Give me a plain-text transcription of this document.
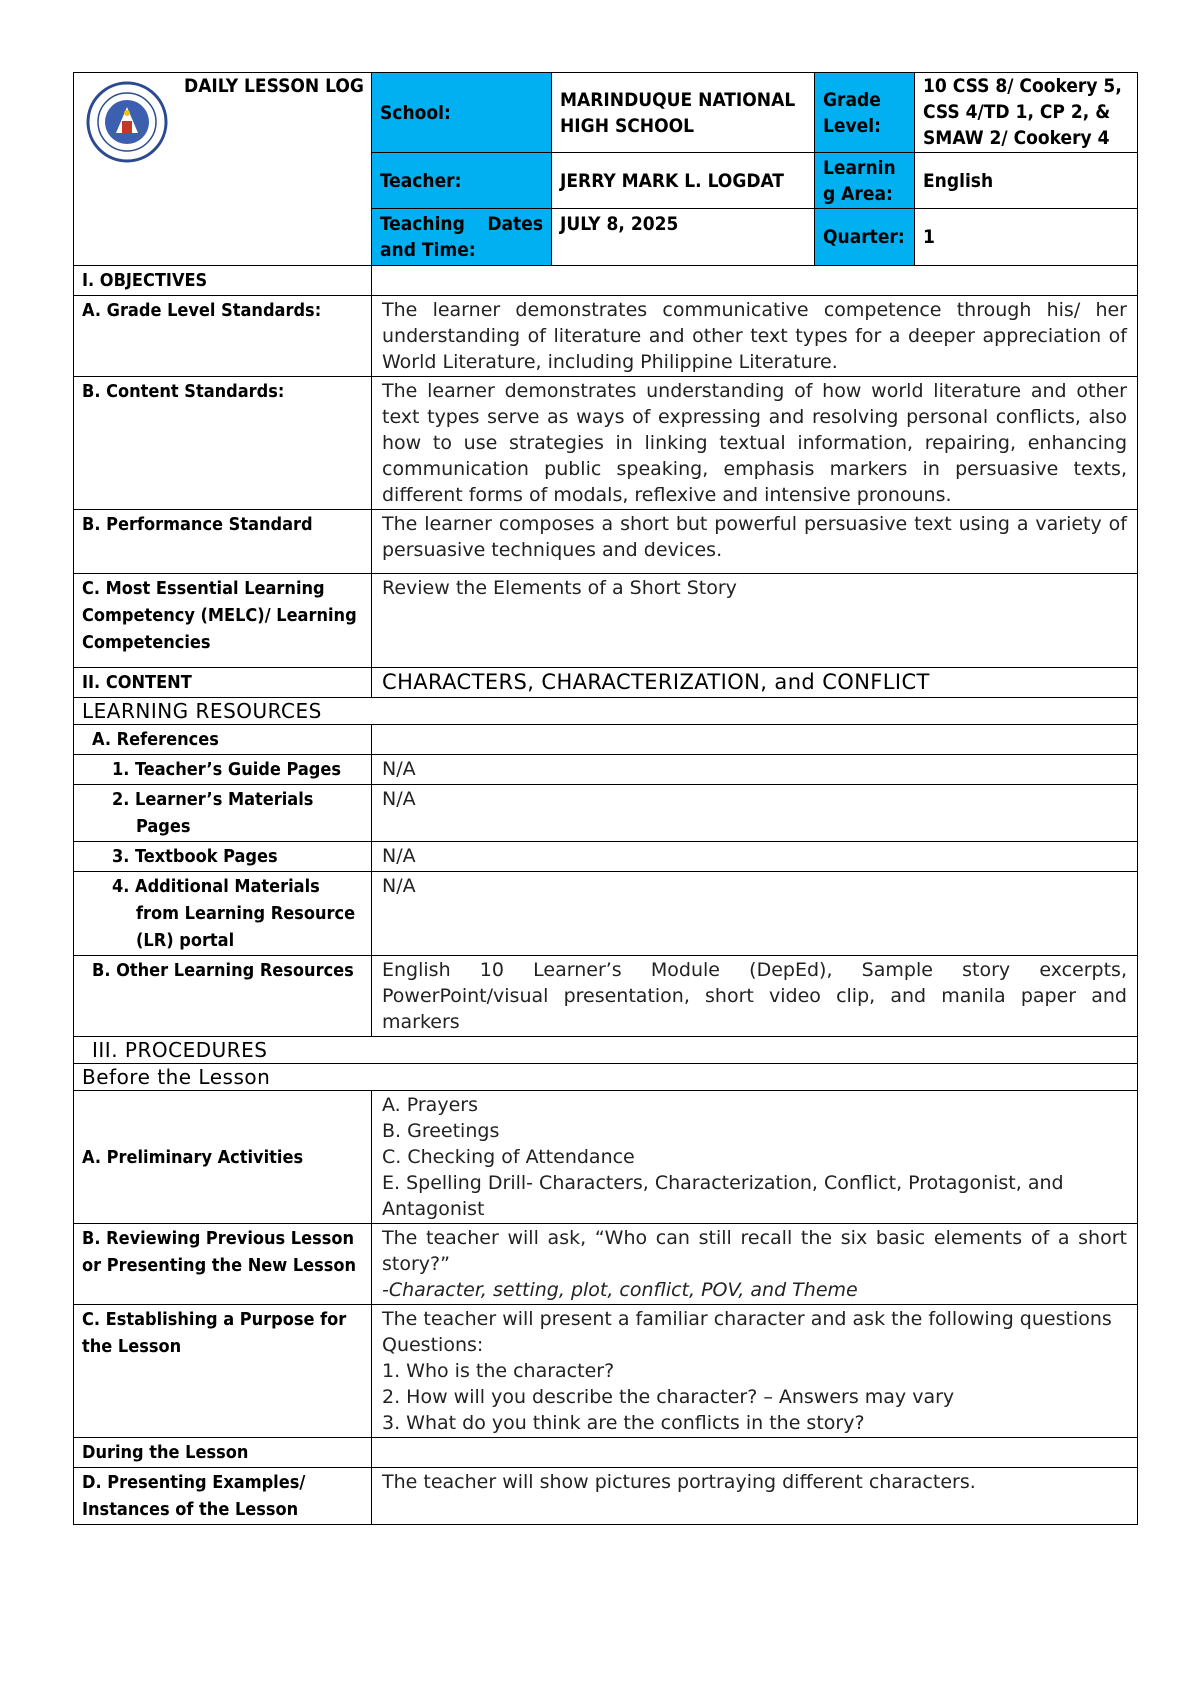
DAILY LESSON LOG	School:	MARINDUQUE NATIONAL HIGH SCHOOL	Grade Level:	10 CSS 8/ Cookery 5, CSS 4/TD 1, CP 2, & SMAW 2/ Cookery 4
	Teacher:	JERRY MARK L. LOGDAT	Learnin g Area:	English
	Teaching Dates and Time:	JULY 8, 2025	Quarter:	1
I. OBJECTIVES				
A. Grade Level Standards:	The learner demonstrates communicative competence through his/ her understanding of literature and other text types for a deeper appreciation of World Literature, including Philippine Literature.			
B. Content Standards:	The learner demonstrates understanding of how world literature and other text types serve as ways of expressing and resolving personal conflicts, also how to use strategies in linking textual information, repairing, enhancing communication public speaking, emphasis markers in persuasive texts, different forms of modals, reflexive and intensive pronouns.			
B. Performance Standard	The learner composes a short but powerful persuasive text using a variety of persuasive techniques and devices.			
C. Most Essential Learning Competency (MELC)/ Learning Competencies	Review the Elements of a Short Story			
II. CONTENT	CHARACTERS, CHARACTERIZATION, and CONFLICT			
LEARNING RESOURCES				
A. References				
1. Teacher’s Guide Pages	N/A			
2. Learner’s Materials Pages	N/A			
3. Textbook Pages	N/A			
4. Additional Materials from Learning Resource (LR) portal	N/A			
B. Other Learning Resources	English 10 Learner’s Module (DepEd), Sample story excerpts, PowerPoint/visual presentation, short video clip, and manila paper and markers			
III. PROCEDURES				
Before the Lesson				
A. Preliminary Activities	A. Prayers
B. Greetings
C. Checking of Attendance
E. Spelling Drill- Characters, Characterization, Conflict, Protagonist, and Antagonist			

B. Reviewing Previous Lesson or Presenting the New Lesson	The teacher will ask, “Who can still recall the six basic elements of a short story?”
-Character, setting, plot, conflict, POV, and Theme			

C. Establishing a Purpose for the Lesson	The teacher will present a familiar character and ask the following questions
Questions:
1. Who is the character?
2. How will you describe the character? – Answers may vary
3. What do you think are the conflicts in the story?			

During the Lesson				
D. Presenting Examples/ Instances of the Lesson	The teacher will show pictures portraying different characters.			
